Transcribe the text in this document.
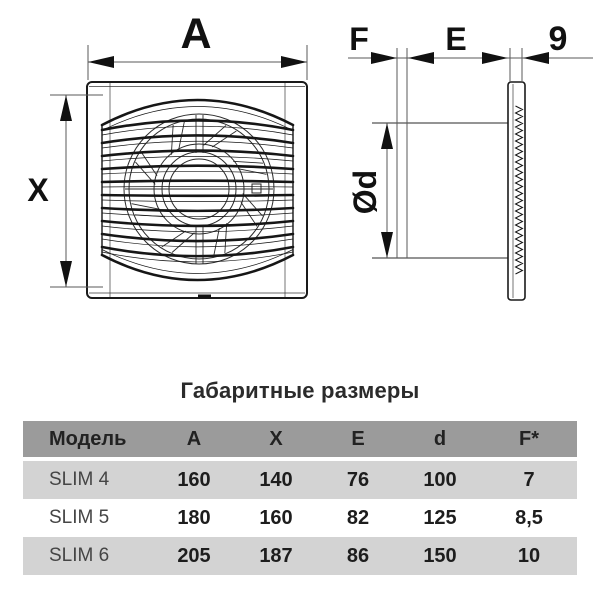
A
X
F E 9
Ød
Габаритные размеры
Модель	A	X	E	d	F*
SLIM 4	160	140	76	100	7
SLIM 5	180	160	82	125	8,5
SLIM 6	205	187	86	150	10
